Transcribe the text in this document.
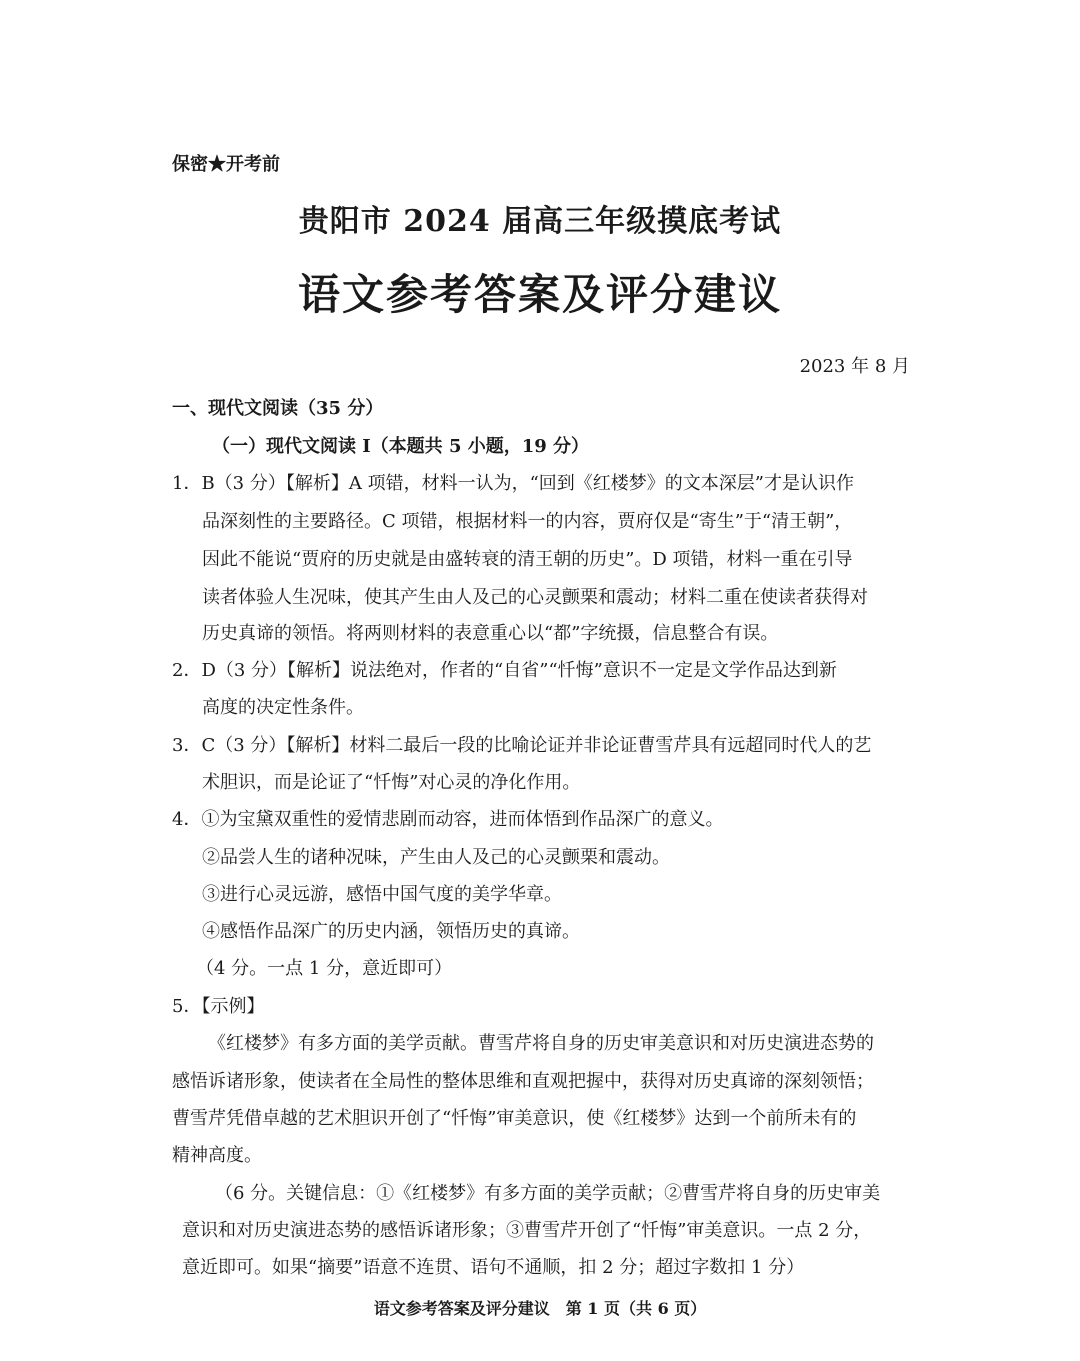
保密★开考前
贵阳市 2024 届高三年级摸底考试
语文参考答案及评分建议
2023 年 8 月
一、现代文阅读（35 分）
（一）现代文阅读 I（本题共 5 小题，19 分）
1．B（3 分）【解析】A 项错，材料一认为，“回到《红楼梦》的文本深层”才是认识作
品深刻性的主要路径。C 项错，根据材料一的内容，贾府仅是“寄生”于“清王朝”，
因此不能说“贾府的历史就是由盛转衰的清王朝的历史”。D 项错，材料一重在引导
读者体验人生况味，使其产生由人及己的心灵颤栗和震动；材料二重在使读者获得对
历史真谛的领悟。将两则材料的表意重心以“都”字统摄，信息整合有误。
2．D（3 分）【解析】说法绝对，作者的“自省”“忏悔”意识不一定是文学作品达到新
高度的决定性条件。
3．C（3 分）【解析】材料二最后一段的比喻论证并非论证曹雪芹具有远超同时代人的艺
术胆识，而是论证了“忏悔”对心灵的净化作用。
4．①为宝黛双重性的爱情悲剧而动容，进而体悟到作品深广的意义。
②品尝人生的诸种况味，产生由人及己的心灵颤栗和震动。
③进行心灵远游，感悟中国气度的美学华章。
④感悟作品深广的历史内涵，领悟历史的真谛。
（4 分。一点 1 分，意近即可）
5．【示例】
《红楼梦》有多方面的美学贡献。曹雪芹将自身的历史审美意识和对历史演进态势的
感悟诉诸形象，使读者在全局性的整体思维和直观把握中，获得对历史真谛的深刻领悟；
曹雪芹凭借卓越的艺术胆识开创了“忏悔”审美意识，使《红楼梦》达到一个前所未有的
精神高度。
（6 分。关键信息：①《红楼梦》有多方面的美学贡献；②曹雪芹将自身的历史审美
意识和对历史演进态势的感悟诉诸形象；③曹雪芹开创了“忏悔”审美意识。一点 2 分，
意近即可。如果“摘要”语意不连贯、语句不通顺，扣 2 分；超过字数扣 1 分）
语文参考答案及评分建议　第 1 页（共 6 页）
